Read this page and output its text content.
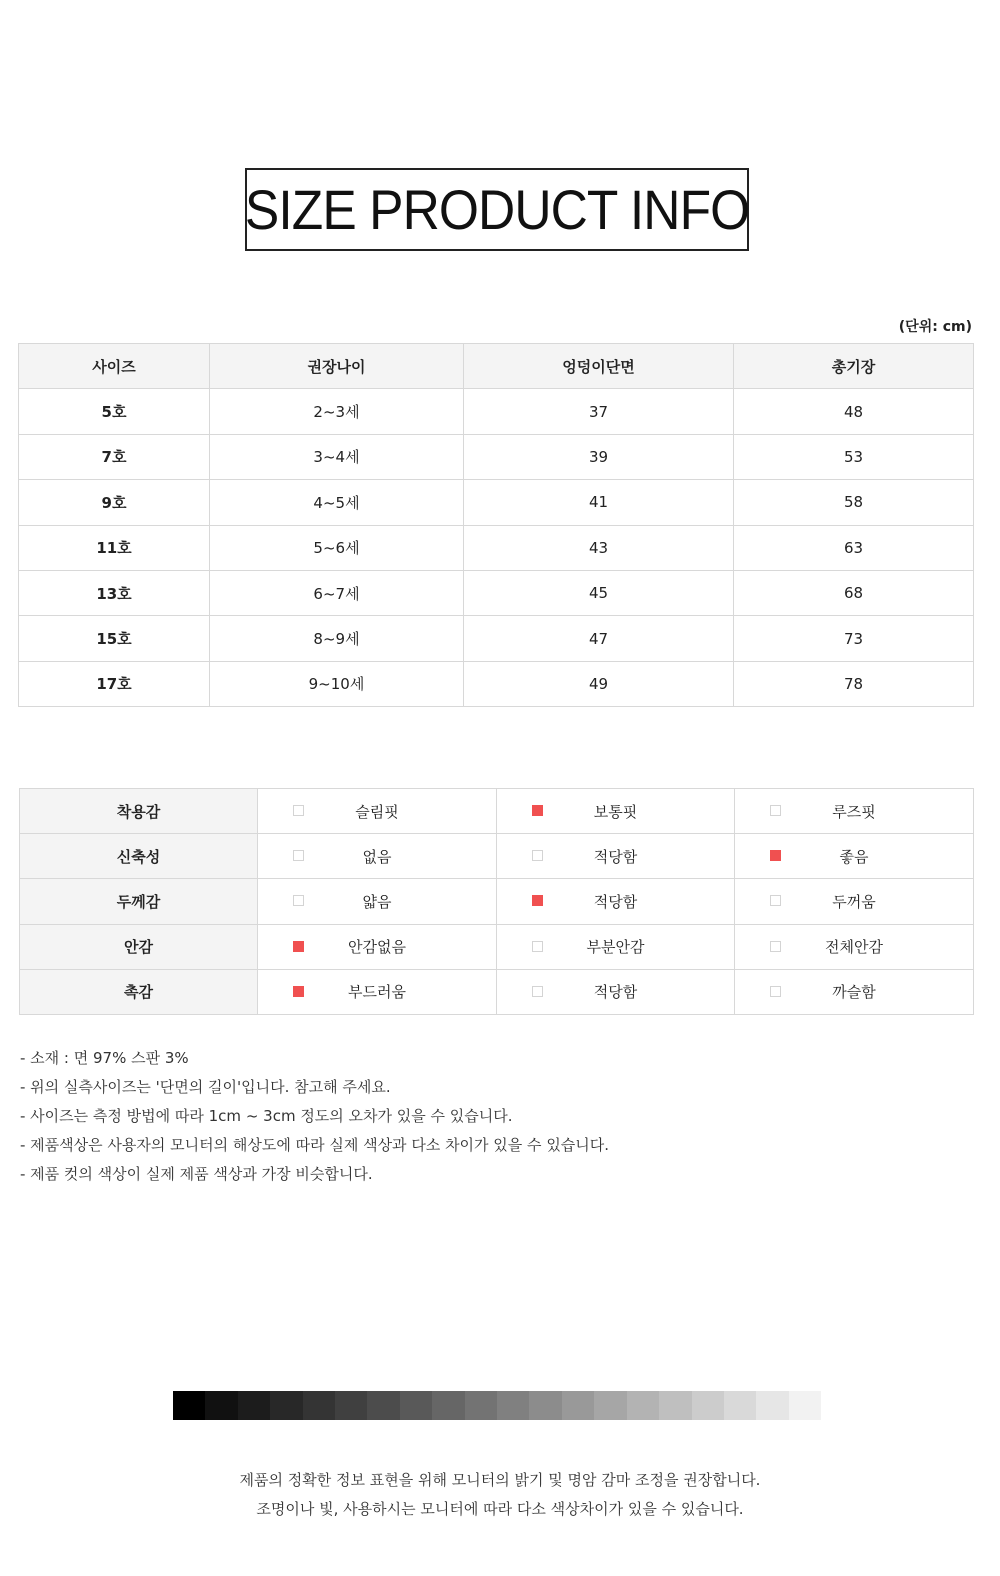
SIZE PRODUCT INFO
(단위: cm)
사이즈	권장나이	엉덩이단면	총기장
5호	2~3세	37	48
7호	3~4세	39	53
9호	4~5세	41	58
11호	5~6세	43	63
13호	6~7세	45	68
15호	8~9세	47	73
17호	9~10세	49	78
착용감	슬림핏	보통핏	루즈핏
신축성	없음	적당함	좋음
두께감	얇음	적당함	두꺼움
안감	안감없음	부분안감	전체안감
촉감	부드러움	적당함	까슬함
- 소재 : 면 97% 스판 3%
- 위의 실측사이즈는 '단면의 길이'입니다. 참고해 주세요.
- 사이즈는 측정 방법에 따라 1cm ~ 3cm 정도의 오차가 있을 수 있습니다.
- 제품색상은 사용자의 모니터의 해상도에 따라 실제 색상과 다소 차이가 있을 수 있습니다.
- 제품 컷의 색상이 실제 제품 색상과 가장 비슷합니다.
제품의 정확한 정보 표현을 위해 모니터의 밝기 및 명암 감마 조정을 권장합니다.
조명이나 빛, 사용하시는 모니터에 따라 다소 색상차이가 있을 수 있습니다.
